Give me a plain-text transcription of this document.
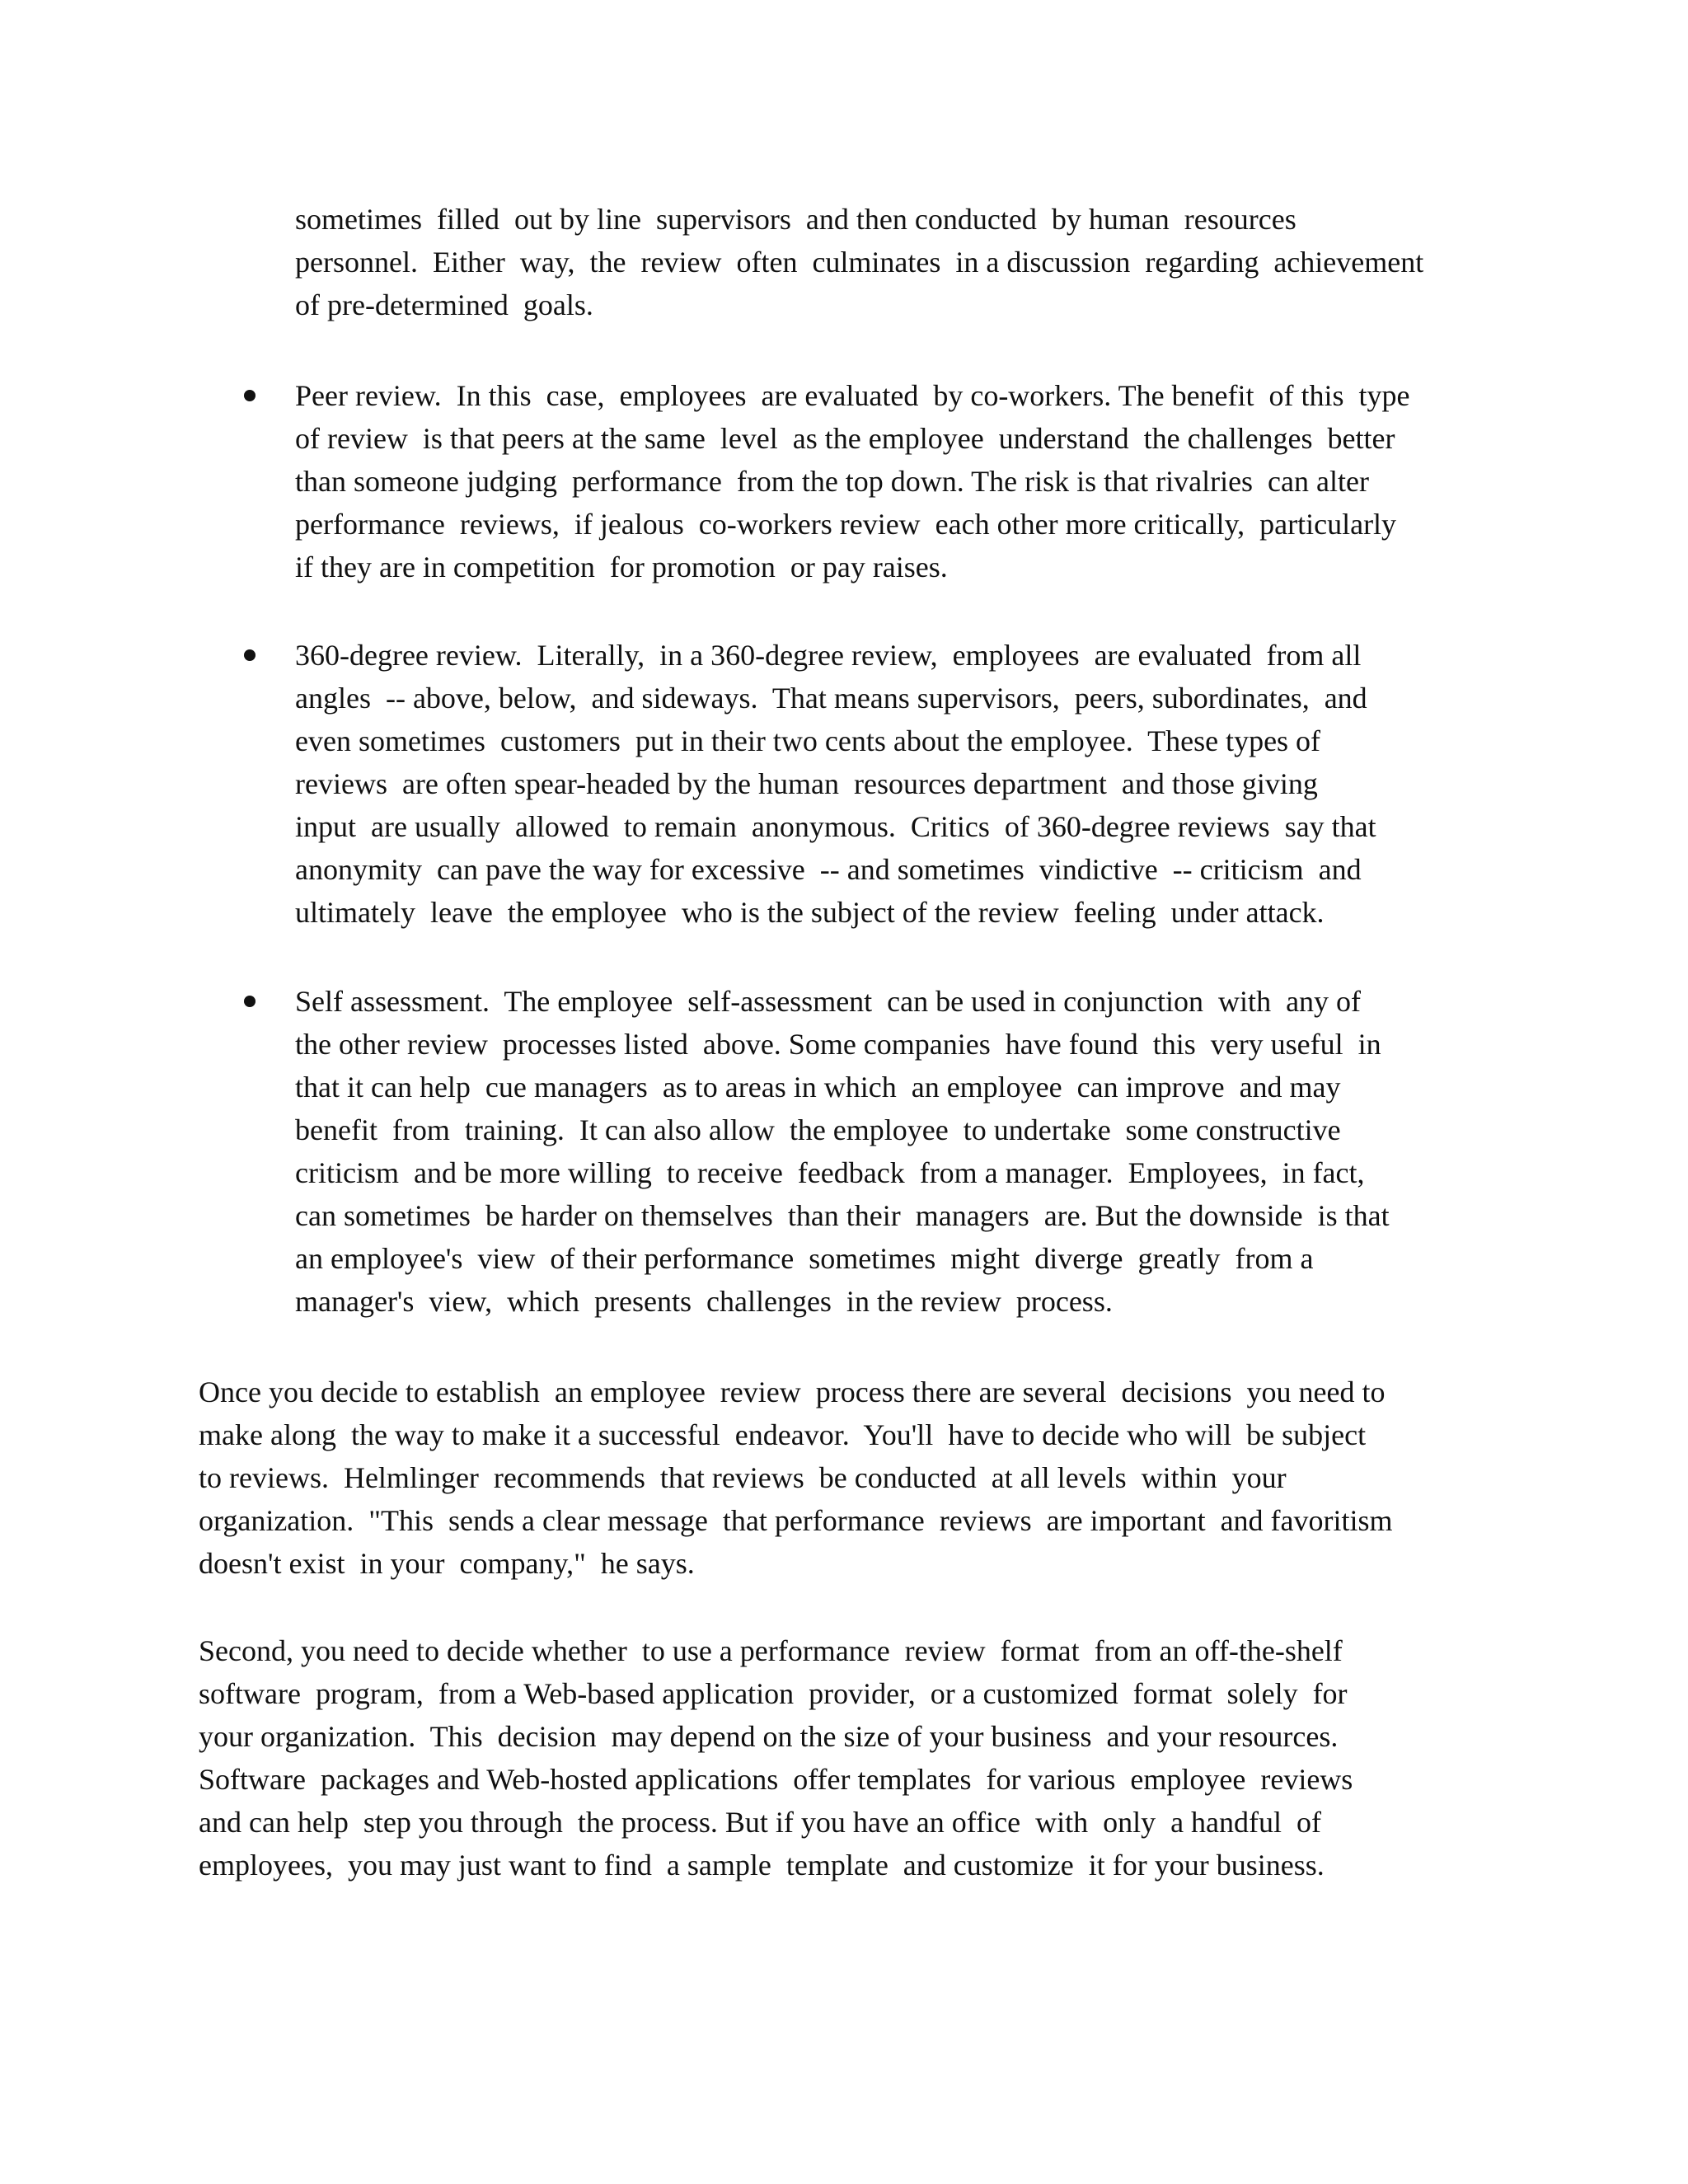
sometimes  filled  out by line  supervisors  and then conducted  by human  resources

personnel.  Either  way,  the  review  often  culminates  in a discussion  regarding  achievement

of pre-determined  goals.

Peer review.  In this  case,  employees  are evaluated  by co-workers. The benefit  of this  type

of review  is that peers at the same  level  as the employee  understand  the challenges  better

than someone judging  performance  from the top down. The risk is that rivalries  can alter

performance  reviews,  if jealous  co-workers review  each other more critically,  particularly

if they are in competition  for promotion  or pay raises.

360-degree review.  Literally,  in a 360-degree review,  employees  are evaluated  from all

angles  -- above, below,  and sideways.  That means supervisors,  peers, subordinates,  and

even sometimes  customers  put in their two cents about the employee.  These types of

reviews  are often spear-headed by the human  resources department  and those giving

input  are usually  allowed  to remain  anonymous.  Critics  of 360-degree reviews  say that

anonymity  can pave the way for excessive  -- and sometimes  vindictive  -- criticism  and

ultimately  leave  the employee  who is the subject of the review  feeling  under attack.

Self assessment.  The employee  self-assessment  can be used in conjunction  with  any of

the other review  processes listed  above. Some companies  have found  this  very useful  in

that it can help  cue managers  as to areas in which  an employee  can improve  and may

benefit  from  training.  It can also allow  the employee  to undertake  some constructive

criticism  and be more willing  to receive  feedback  from a manager.  Employees,  in fact,

can sometimes  be harder on themselves  than their  managers  are. But the downside  is that

an employee's  view  of their performance  sometimes  might  diverge  greatly  from a

manager's  view,  which  presents  challenges  in the review  process.

Once you decide to establish  an employee  review  process there are several  decisions  you need to

make along  the way to make it a successful  endeavor.  You'll  have to decide who will  be subject

to reviews.  Helmlinger  recommends  that reviews  be conducted  at all levels  within  your

organization.  "This  sends a clear message  that performance  reviews  are important  and favoritism

doesn't exist  in your  company,"  he says.

Second, you need to decide whether  to use a performance  review  format  from an off-the-shelf

software  program,  from a Web-based application  provider,  or a customized  format  solely  for

your organization.  This  decision  may depend on the size of your business  and your resources.

Software  packages and Web-hosted applications  offer templates  for various  employee  reviews

and can help  step you through  the process. But if you have an office  with  only  a handful  of

employees,  you may just want to find  a sample  template  and customize  it for your business.
